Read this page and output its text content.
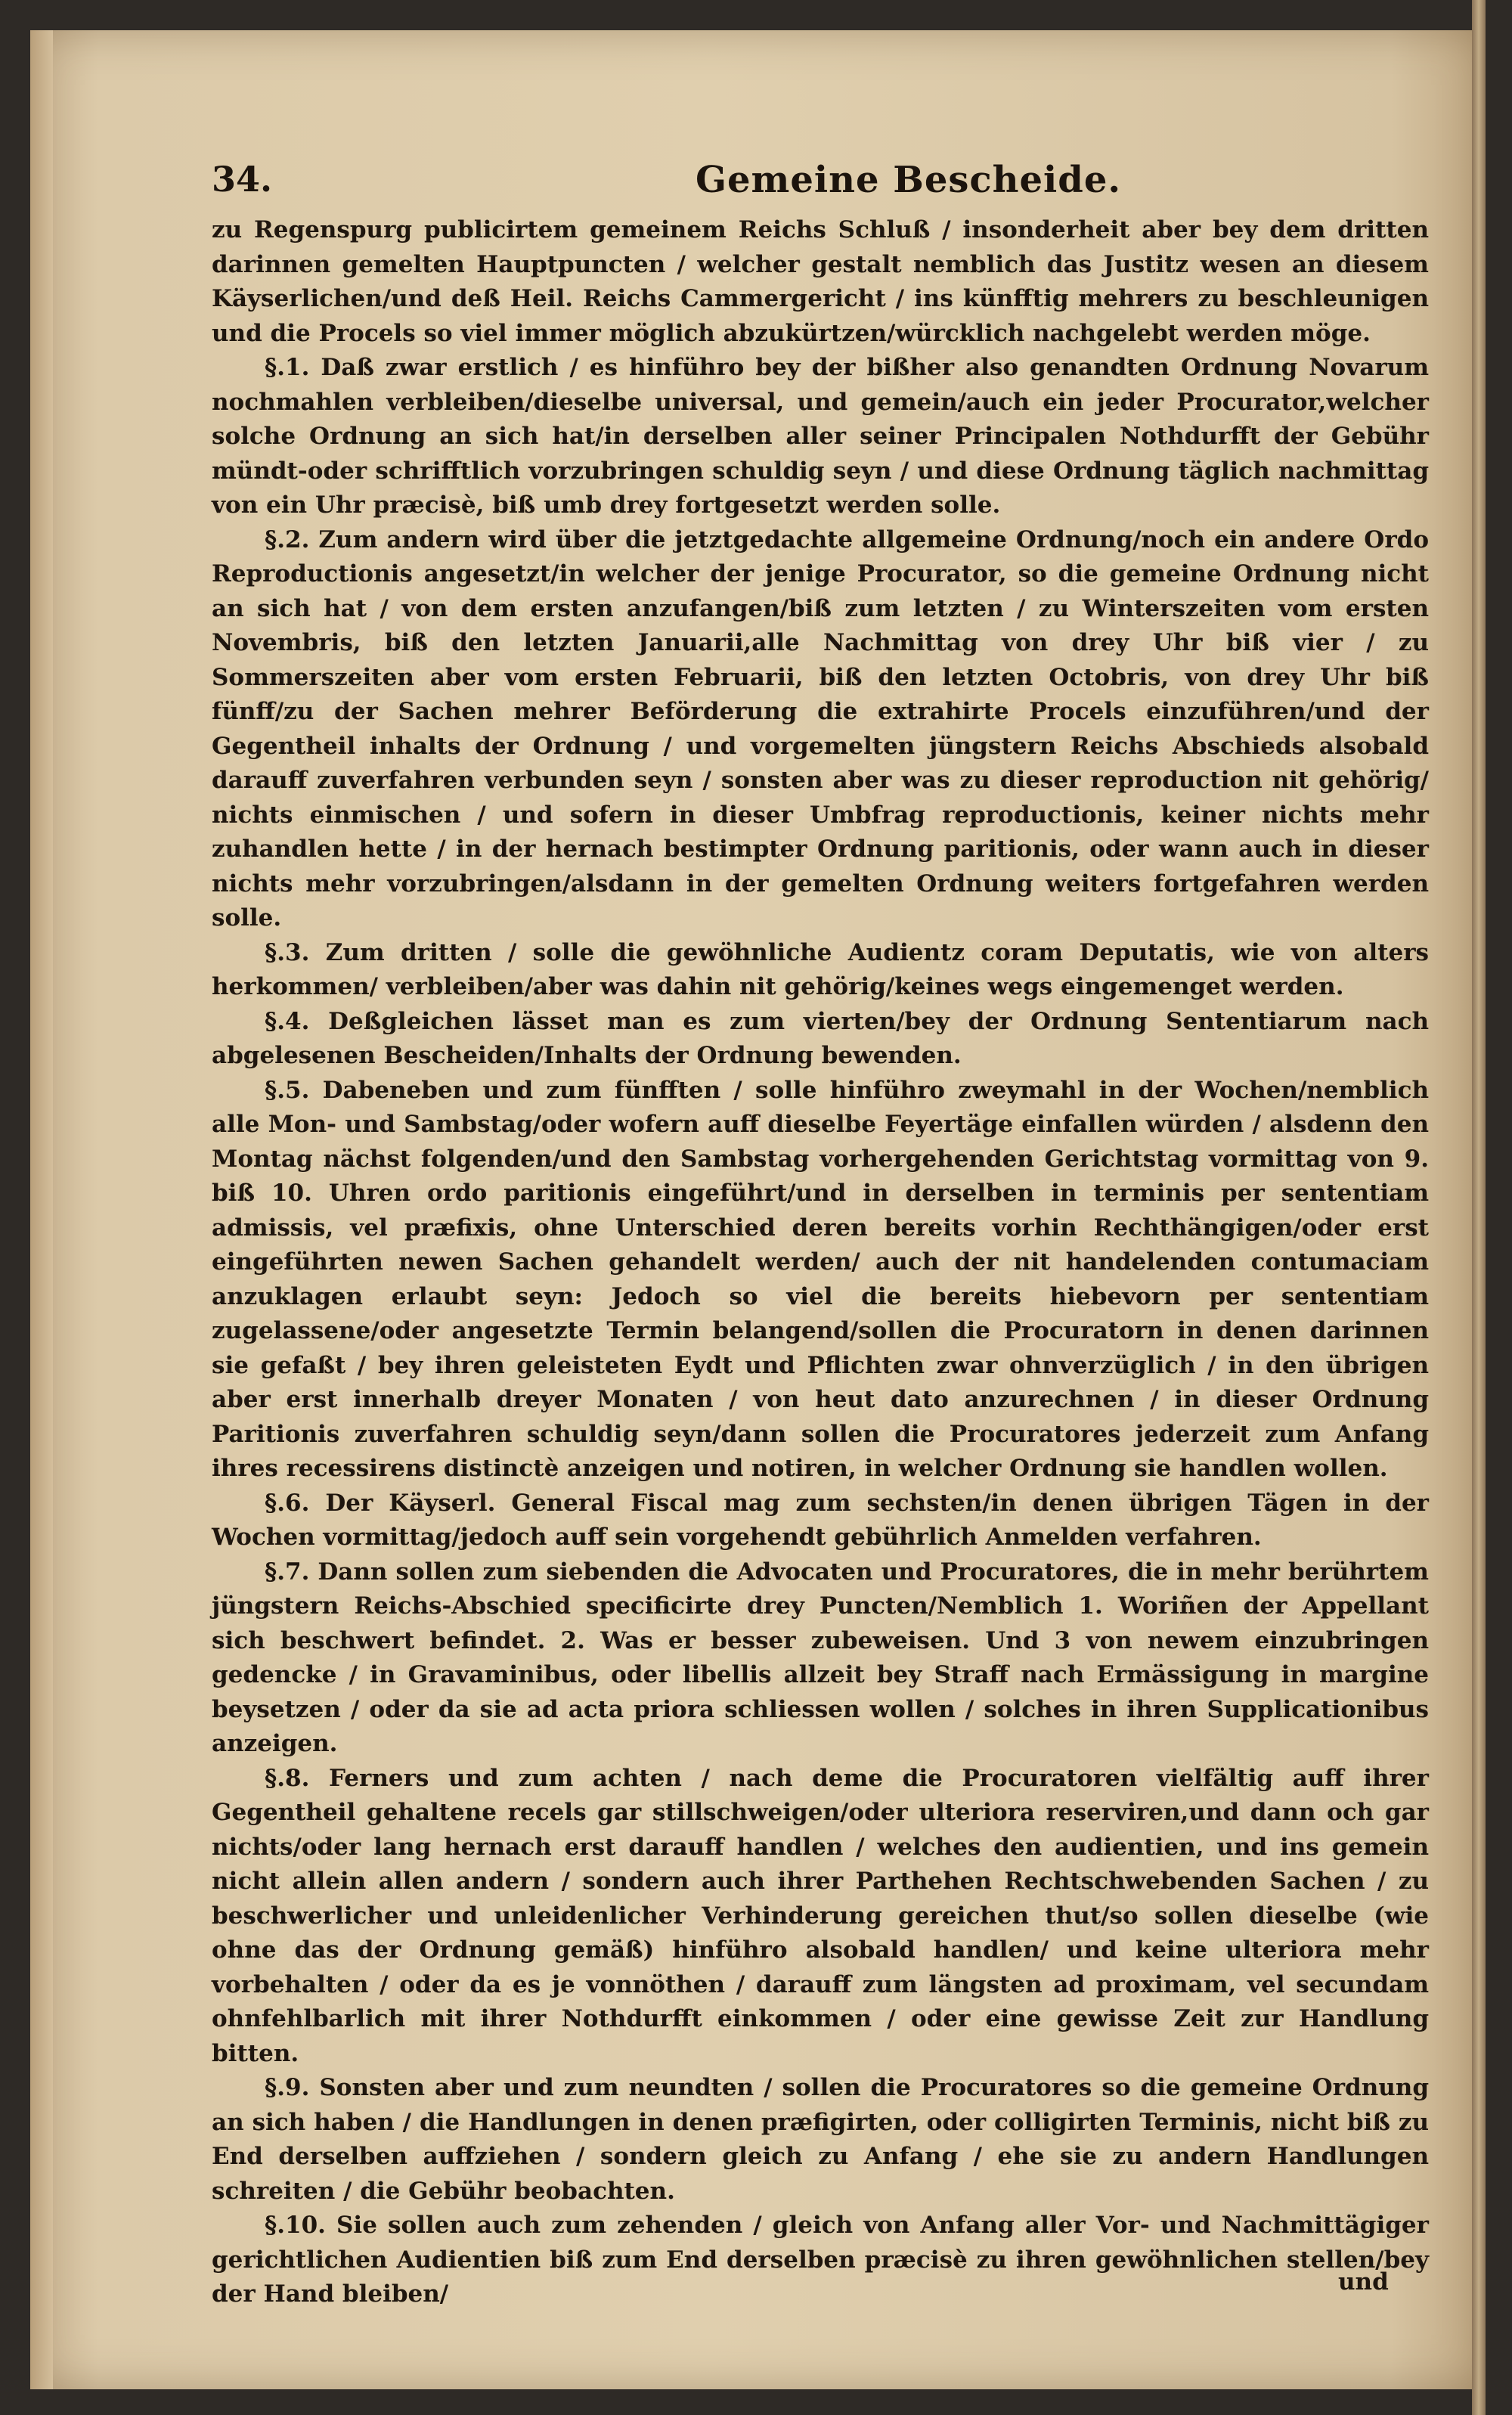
34.	Gemeine Bescheide.

zu Regenspurg publicirtem gemeinem Reichs Schluß / insonderheit aber bey dem dritten darinnen gemelten Hauptpuncten / welcher gestalt nemblich das Justitz wesen an diesem Käyserlichen/und deß Heil. Reichs Cammergericht / ins künfftig mehrers zu beschleunigen und die Procels so viel immer möglich abzukürtzen/würcklich nachgelebt werden möge.

§.1. Daß zwar erstlich / es hinführo bey der bißher also genandten Ordnung Novarum nochmahlen verbleiben/dieselbe universal, und gemein/auch ein jeder Procurator,welcher solche Ordnung an sich hat/in derselben aller seiner Principalen Nothdurfft der Gebühr mündt-oder schrifftlich vorzubringen schuldig seyn / und diese Ordnung täglich nachmittag von ein Uhr præcisè, biß umb drey fortgesetzt werden solle.

§.2. Zum andern wird über die jetztgedachte allgemeine Ordnung/noch ein andere Ordo Reproductionis angesetzt/in welcher der jenige Procurator, so die gemeine Ordnung nicht an sich hat / von dem ersten anzufangen/biß zum letzten / zu Winterszeiten vom ersten Novembris, biß den letzten Januarii,alle Nachmittag von drey Uhr biß vier / zu Sommerszeiten aber vom ersten Februarii, biß den letzten Octobris, von drey Uhr biß fünff/zu der Sachen mehrer Beförderung die extrahirte Procels einzuführen/und der Gegentheil inhalts der Ordnung / und vorgemelten jüngstern Reichs Abschieds alsobald darauff zuverfahren verbunden seyn / sonsten aber was zu dieser reproduction nit gehörig/ nichts einmischen / und sofern in dieser Umbfrag reproductionis, keiner nichts mehr zuhandlen hette / in der hernach bestimpter Ordnung paritionis, oder wann auch in dieser nichts mehr vorzubringen/alsdann in der gemelten Ordnung weiters fortgefahren werden solle.

§.3. Zum dritten / solle die gewöhnliche Audientz coram Deputatis, wie von alters herkommen/ verbleiben/aber was dahin nit gehörig/keines wegs eingemenget werden.

§.4. Deßgleichen lässet man es zum vierten/bey der Ordnung Sententiarum nach abgelesenen Bescheiden/Inhalts der Ordnung bewenden.

§.5. Dabeneben und zum fünfften / solle hinführo zweymahl in der Wochen/nemblich alle Mon- und Sambstag/oder wofern auff dieselbe Feyertäge einfallen würden / alsdenn den Montag nächst folgenden/und den Sambstag vorhergehenden Gerichtstag vormittag von 9. biß 10. Uhren ordo paritionis eingeführt/und in derselben in terminis per sententiam admissis, vel præfixis, ohne Unterschied deren bereits vorhin Rechthängigen/oder erst eingeführten newen Sachen gehandelt werden/ auch der nit handelenden contumaciam anzuklagen erlaubt seyn: Jedoch so viel die bereits hiebevorn per sententiam zugelassene/oder angesetzte Termin belangend/sollen die Procuratorn in denen darinnen sie gefaßt / bey ihren geleisteten Eydt und Pflichten zwar ohnverzüglich / in den übrigen aber erst innerhalb dreyer Monaten / von heut dato anzurechnen / in dieser Ordnung Paritionis zuverfahren schuldig seyn/dann sollen die Procuratores jederzeit zum Anfang ihres recessirens distinctè anzeigen und notiren, in welcher Ordnung sie handlen wollen.

§.6. Der Käyserl. General Fiscal mag zum sechsten/in denen übrigen Tägen in der Wochen vormittag/jedoch auff sein vorgehendt gebührlich Anmelden verfahren.

§.7. Dann sollen zum siebenden die Advocaten und Procuratores, die in mehr berührtem jüngstern Reichs-Abschied specificirte drey Puncten/Nemblich 1. Woriñen der Appellant sich beschwert befindet. 2. Was er besser zubeweisen. Und 3 von newem einzubringen gedencke / in Gravaminibus, oder libellis allzeit bey Straff nach Ermässigung in margine beysetzen / oder da sie ad acta priora schliessen wollen / solches in ihren Supplicationibus anzeigen.

§.8. Ferners und zum achten / nach deme die Procuratoren vielfältig auff ihrer Gegentheil gehaltene recels gar stillschweigen/oder ulteriora reserviren,und dann och gar nichts/oder lang hernach erst darauff handlen / welches den audientien, und ins gemein nicht allein allen andern / sondern auch ihrer Parthehen Rechtschwebenden Sachen / zu beschwerlicher und unleidenlicher Verhinderung gereichen thut/so sollen dieselbe (wie ohne das der Ordnung gemäß) hinführo alsobald handlen/ und keine ulteriora mehr vorbehalten / oder da es je vonnöthen / darauff zum längsten ad proximam, vel secundam ohnfehlbarlich mit ihrer Nothdurfft einkommen / oder eine gewisse Zeit zur Handlung bitten.

§.9. Sonsten aber und zum neundten / sollen die Procuratores so die gemeine Ordnung an sich haben / die Handlungen in denen præfigirten, oder colligirten Terminis, nicht biß zu End derselben auffziehen / sondern gleich zu Anfang / ehe sie zu andern Handlungen schreiten / die Gebühr beobachten.

§.10. Sie sollen auch zum zehenden / gleich von Anfang aller Vor- und Nachmittägiger gerichtlichen Audientien biß zum End derselben præcisè zu ihren gewöhnlichen stellen/bey der Hand bleiben/	und
